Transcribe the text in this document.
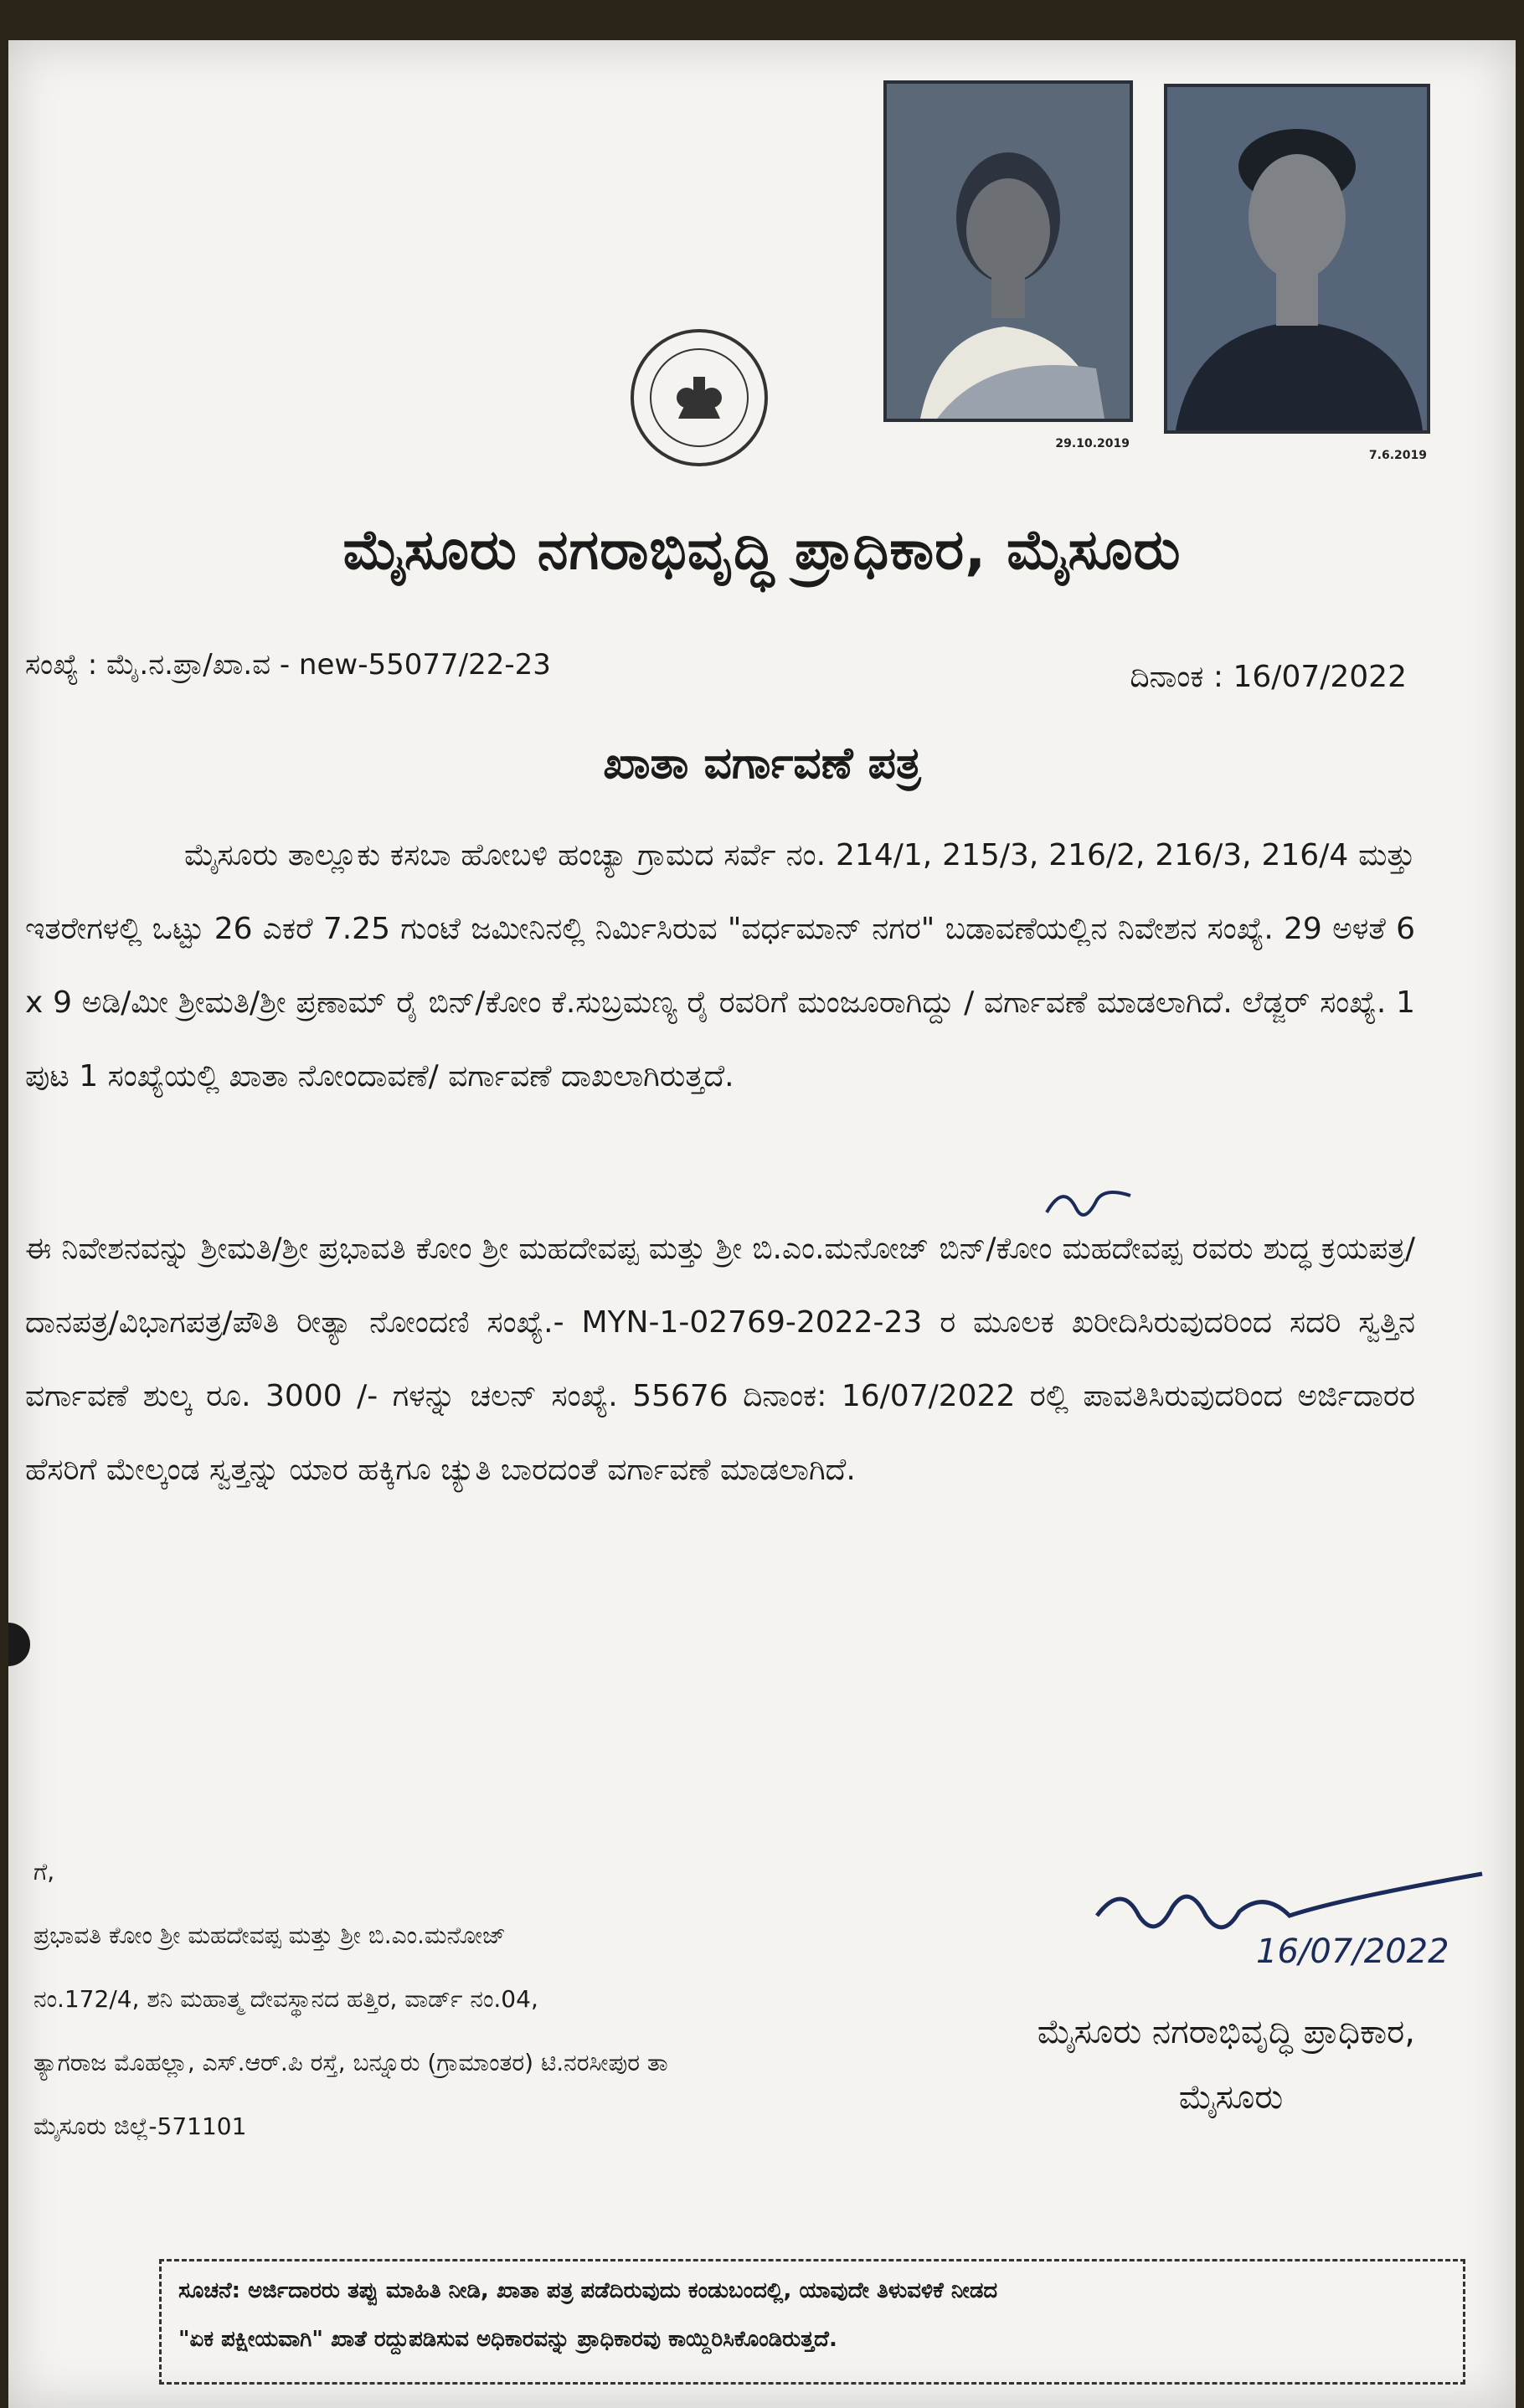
29.10.2019
7.6.2019
ಮೈಸೂರು ನಗರಾಭಿವೃದ್ಧಿ ಪ್ರಾಧಿಕಾರ, ಮೈಸೂರು
ಸಂಖ್ಯೆ : ಮೈ.ನ.ಪ್ರಾ/ಖಾ.ವ - new-55077/22-23	ದಿನಾಂಕ : 16/07/2022
ಖಾತಾ ವರ್ಗಾವಣೆ ಪತ್ರ
ಮೈಸೂರು ತಾಲ್ಲೂಕು ಕಸಬಾ ಹೋಬಳಿ ಹಂಚ್ಯಾ ಗ್ರಾಮದ ಸರ್ವೆ ನಂ. 214/1, 215/3, 216/2, 216/3, 216/4 ಮತ್ತು ಇತರೇಗಳಲ್ಲಿ ಒಟ್ಟು 26 ಎಕರೆ 7.25 ಗುಂಟೆ ಜಮೀನಿನಲ್ಲಿ ನಿರ್ಮಿಸಿರುವ "ವರ್ಧಮಾನ್ ನಗರ" ಬಡಾವಣೆಯಲ್ಲಿನ ನಿವೇಶನ ಸಂಖ್ಯೆ. 29 ಅಳತೆ 6 x 9 ಅಡಿ/ಮೀ ಶ್ರೀಮತಿ/ಶ್ರೀ ಪ್ರಣಾಮ್ ರೈ ಬಿನ್/ಕೋಂ ಕೆ.ಸುಬ್ರಮಣ್ಯ ರೈ ರವರಿಗೆ ಮಂಜೂರಾಗಿದ್ದು / ವರ್ಗಾವಣೆ ಮಾಡಲಾಗಿದೆ. ಲೆಡ್ಜರ್ ಸಂಖ್ಯೆ. 1 ಪುಟ 1 ಸಂಖ್ಯೆಯಲ್ಲಿ ಖಾತಾ ನೋಂದಾವಣೆ/ ವರ್ಗಾವಣೆ ದಾಖಲಾಗಿರುತ್ತದೆ.
ಈ ನಿವೇಶನವನ್ನು ಶ್ರೀಮತಿ/ಶ್ರೀ ಪ್ರಭಾವತಿ ಕೋಂ ಶ್ರೀ ಮಹದೇವಪ್ಪ ಮತ್ತು ಶ್ರೀ ಬಿ.ಎಂ.ಮನೋಜ್ ಬಿನ್/ಕೋಂ ಮಹದೇವಪ್ಪ ರವರು ಶುದ್ಧ ಕ್ರಯಪತ್ರ/ ದಾನಪತ್ರ/ವಿಭಾಗಪತ್ರ/ಪೌತಿ ರೀತ್ಯಾ ನೋಂದಣಿ ಸಂಖ್ಯೆ.- MYN-1-02769-2022-23 ರ ಮೂಲಕ ಖರೀದಿಸಿರುವುದರಿಂದ ಸದರಿ ಸ್ವತ್ತಿನ ವರ್ಗಾವಣೆ ಶುಲ್ಕ ರೂ. 3000 /- ಗಳನ್ನು ಚಲನ್ ಸಂಖ್ಯೆ. 55676 ದಿನಾಂಕ: 16/07/2022 ರಲ್ಲಿ ಪಾವತಿಸಿರುವುದರಿಂದ ಅರ್ಜಿದಾರರ ಹೆಸರಿಗೆ ಮೇಲ್ಕಂಡ ಸ್ವತ್ತನ್ನು ಯಾರ ಹಕ್ಕಿಗೂ ಚ್ಯುತಿ ಬಾರದಂತೆ ವರ್ಗಾವಣೆ ಮಾಡಲಾಗಿದೆ.
ಗೆ,
ಪ್ರಭಾವತಿ ಕೋಂ ಶ್ರೀ ಮಹದೇವಪ್ಪ ಮತ್ತು ಶ್ರೀ ಬಿ.ಎಂ.ಮನೋಜ್
ನಂ.172/4, ಶನಿ ಮಹಾತ್ಮ ದೇವಸ್ಥಾನದ ಹತ್ತಿರ, ವಾರ್ಡ್ ನಂ.04,
ತ್ಯಾಗರಾಜ ಮೊಹಲ್ಲಾ, ಎಸ್.ಆರ್.ಪಿ ರಸ್ತೆ, ಬನ್ನೂರು (ಗ್ರಾಮಾಂತರ) ಟಿ.ನರಸೀಪುರ ತಾ
ಮೈಸೂರು ಜಿಲ್ಲೆ-571101
16/07/2022
ಮೈಸೂರು ನಗರಾಭಿವೃದ್ಧಿ ಪ್ರಾಧಿಕಾರ,
ಮೈಸೂರು
ಸೂಚನೆ: ಅರ್ಜಿದಾರರು ತಪ್ಪು ಮಾಹಿತಿ ನೀಡಿ, ಖಾತಾ ಪತ್ರ ಪಡೆದಿರುವುದು ಕಂಡುಬಂದಲ್ಲಿ, ಯಾವುದೇ ತಿಳುವಳಿಕೆ ನೀಡದ
"ಏಕ ಪಕ್ಷೀಯವಾಗಿ" ಖಾತೆ ರದ್ದುಪಡಿಸುವ ಅಧಿಕಾರವನ್ನು ಪ್ರಾಧಿಕಾರವು ಕಾಯ್ದಿರಿಸಿಕೊಂಡಿರುತ್ತದೆ.
